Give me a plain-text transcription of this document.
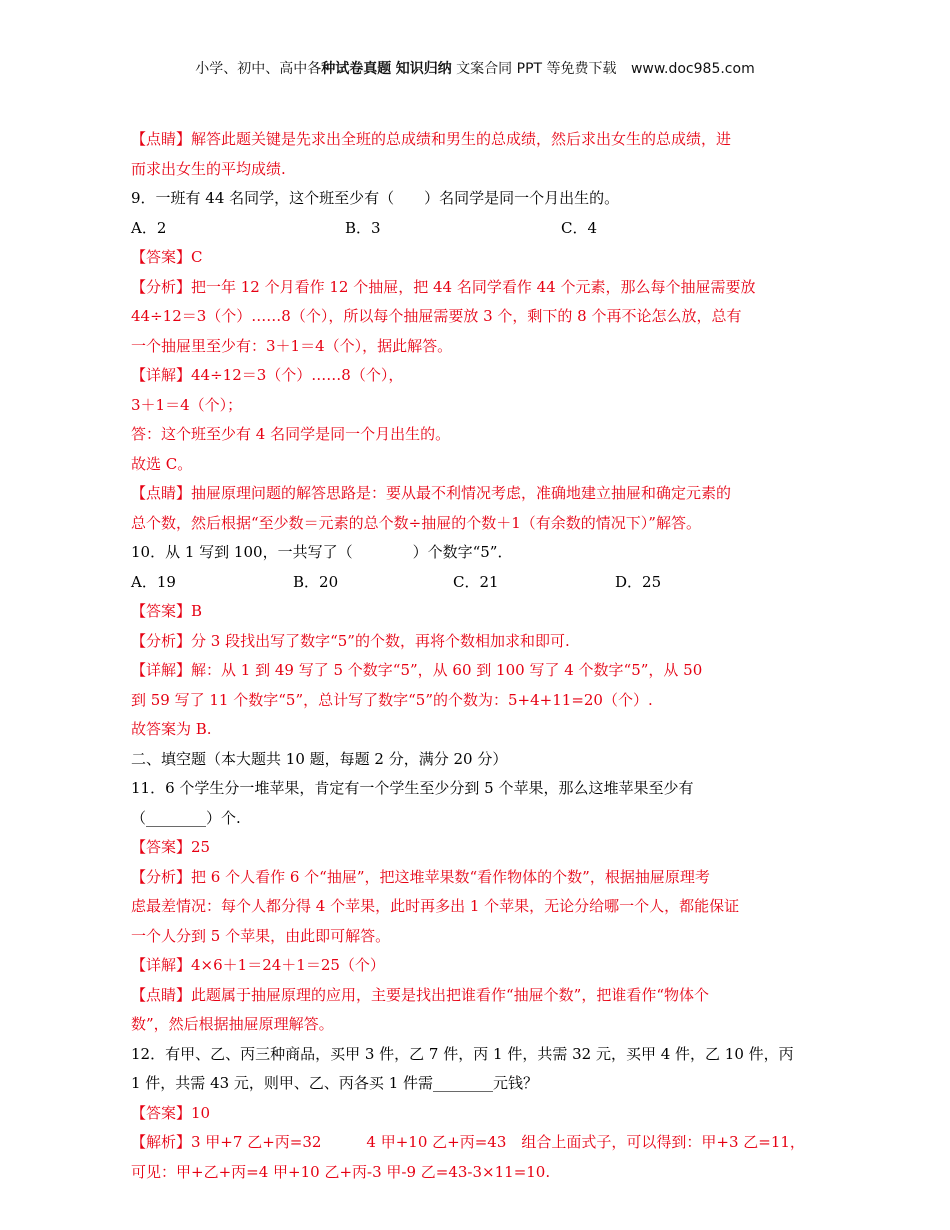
小学、初中、高中各种试卷真题 知识归纳 文案合同 PPT 等免费下载 www.doc985.com
【点睛】解答此题关键是先求出全班的总成绩和男生的总成绩，然后求出女生的总成绩，进
而求出女生的平均成绩.
9．一班有 44 名同学，这个班至少有（　　）名同学是同一个月出生的。
A．2	B．3	C．4
【答案】C
【分析】把一年 12 个月看作 12 个抽屉，把 44 名同学看作 44 个元素，那么每个抽屉需要放
44÷12＝3（个）……8（个），所以每个抽屉需要放 3 个，剩下的 8 个再不论怎么放，总有
一个抽屉里至少有：3＋1＝4（个），据此解答。
【详解】44÷12＝3（个）……8（个），
3＋1＝4（个）；
答：这个班至少有 4 名同学是同一个月出生的。
故选 C。
【点睛】抽屉原理问题的解答思路是：要从最不利情况考虑，准确地建立抽屉和确定元素的
总个数，然后根据“至少数＝元素的总个数÷抽屉的个数＋1（有余数的情况下）”解答。
10．从 1 写到 100，一共写了（　　　　）个数字“5”．
A．19	B．20	C．21	D．25
【答案】B
【分析】分 3 段找出写了数字“5”的个数，再将个数相加求和即可.
【详解】解：从 1 到 49 写了 5 个数字“5”，从 60 到 100 写了 4 个数字“5”，从 50
到 59 写了 11 个数字“5”，总计写了数字“5”的个数为：5+4+11=20（个）.
故答案为 B.
二、填空题（本大题共 10 题，每题 2 分，满分 20 分）
11．6 个学生分一堆苹果，肯定有一个学生至少分到 5 个苹果，那么这堆苹果至少有
（________）个.
【答案】25
【分析】把 6 个人看作 6 个“抽屉”，把这堆苹果数“看作物体的个数”，根据抽屉原理考
虑最差情况：每个人都分得 4 个苹果，此时再多出 1 个苹果，无论分给哪一个人，都能保证
一个人分到 5 个苹果，由此即可解答。
【详解】4×6＋1＝24＋1＝25（个）
【点睛】此题属于抽屉原理的应用，主要是找出把谁看作“抽屉个数”，把谁看作“物体个
数”，然后根据抽屉原理解答。
12．有甲、乙、丙三种商品，买甲 3 件，乙 7 件，丙 1 件，共需 32 元，买甲 4 件，乙 10 件，丙
1 件，共需 43 元，则甲、乙、丙各买 1 件需________元钱？
【答案】10
【解析】3 甲+7 乙+丙=32　　　4 甲+10 乙+丙=43　组合上面式子，可以得到：甲+3 乙=11，
可见：甲+乙+丙=4 甲+10 乙+丙-3 甲-9 乙=43-3×11=10.
